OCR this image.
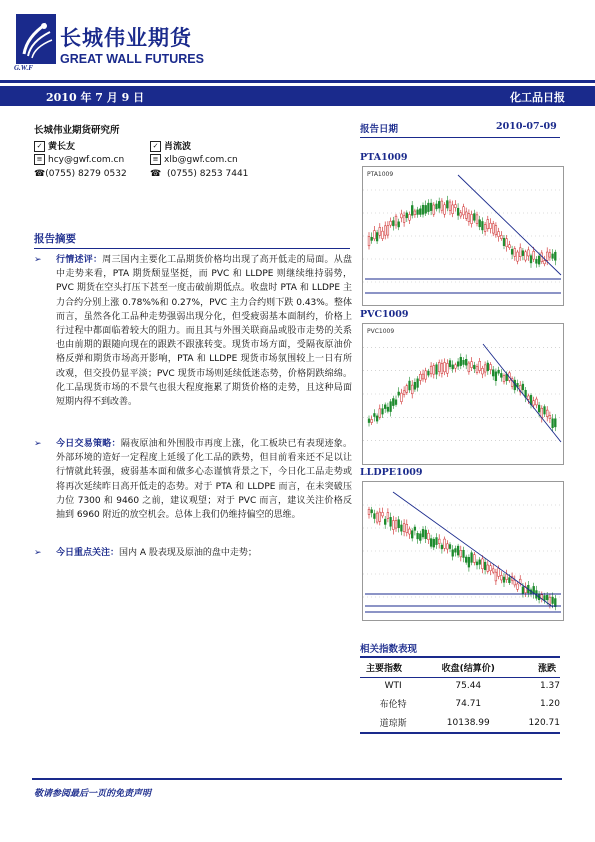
G.W.F
长城伟业期货
GREAT WALL FUTURES
2010 年 7 月 9 日	化工品日报
长城伟业期货研究所
✓ 黄长友	✓ 肖流波
≡ hcy@gwf.com.cn	≡ xlb@gwf.com.cn
☎(0755) 8279 0532	☎ (0755) 8253 7441
报告摘要
➢ 行情述评：周三国内主要化工品期货价格均出现了高开低走的局面。从盘中走势来看，PTA 期货颓显坚挺，而 PVC 和 LLDPE 则继续维持弱势，PVC 期货在空头打压下甚至一度击破前期低点。收盘时 PTA 和 LLDPE 主力合约分别上涨 0.78%%和 0.27%，PVC 主力合约则下跌 0.43%。整体而言，虽然各化工品种走势强弱出现分化，但受疲弱基本面制约，价格上行过程中都面临着较大的阻力。而且其与外围关联商品或股市走势的关系也由前期的跟随向现在的跟跌不跟涨转变。现货市场方面，受隔夜原油价格反弹和期货市场高开影响，PTA 和 LLDPE 现货市场氛围较上一日有所改观，但交投仍显平淡；PVC 现货市场则延续低迷态势，价格阴跌绵绵。化工品现货市场的不景气也很大程度拖累了期货价格的走势，且这种局面短期内得不到改善。
➢ 今日交易策略：隔夜原油和外围股市再度上涨，化工板块已有表现迹象。外部环境的造好一定程度上延缓了化工品的跌势，但目前看来还不足以让行情就此转强，疲弱基本面和做多心态谨慎背景之下，今日化工品走势或将再次延续昨日高开低走的态势。对于 PTA 和 LLDPE 而言，在未突破压力位 7300 和 9460 之前，建议观望；对于 PVC 而言，建议关注价格反抽到 6960 附近的放空机会。总体上我们仍维持偏空的思维。
➢ 今日重点关注：国内 A 股表现及原油的盘中走势；
报告日期	2010-07-09
PTA1009
PTA1009
PVC1009
PVC1009
LLDPE1009
相关指数表现
主要指数	收盘(结算价)	涨跌
WTI	75.44	1.37
布伦特	74.71	1.20
道琼斯	10138.99	120.71
敬请参阅最后一页的免责声明
